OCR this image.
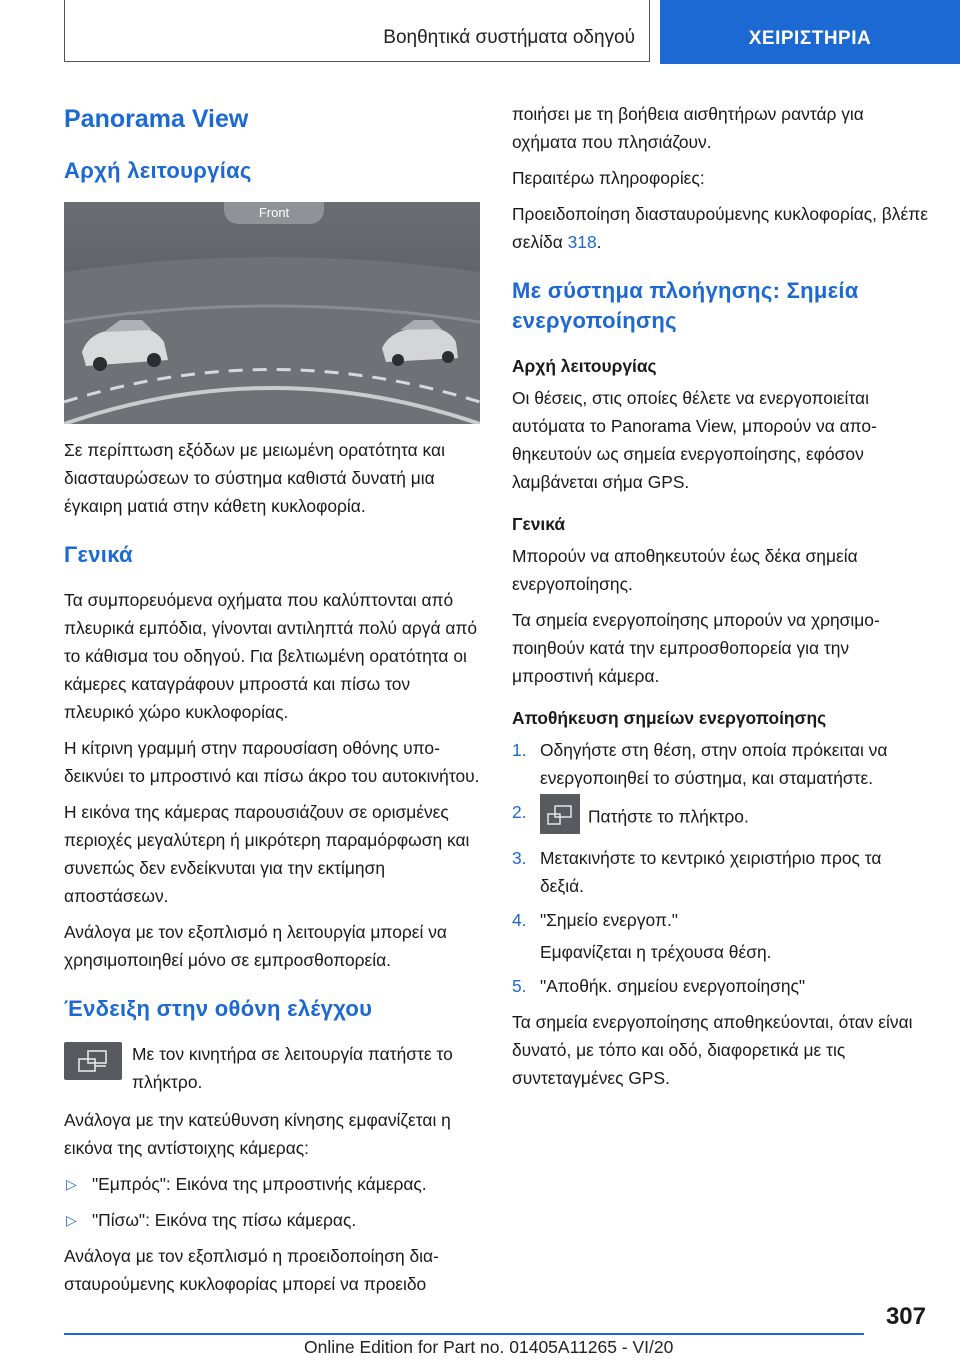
Βοηθητικά συστήματα οδηγού	ΧΕΙΡΙΣΤΗΡΙΑ
Panorama View
Αρχή λειτουργίας
Front

Σε περίπτωση εξόδων με μειωμένη ορατότητα και διασταυρώσεων το σύστημα καθιστά δυνατή μια έγκαιρη ματιά στην κάθετη κυκλοφορία.

Γενικά

Τα συμπορευόμενα οχήματα που καλύπτονται από πλευρικά εμπόδια, γίνονται αντιληπτά πολύ αργά από το κάθισμα του οδηγού. Για βελτιωμένη ορατότητα οι κάμερες καταγράφουν μπροστά και πίσω τον πλευρικό χώρο κυκλοφορίας.

Η κίτρινη γραμμή στην παρουσίαση οθόνης υποδεικνύει το μπροστινό και πίσω άκρο του αυτοκινήτου.

Η εικόνα της κάμερας παρουσιάζουν σε ορισμένες περιοχές μεγαλύτερη ή μικρότερη παραμόρφωση και συνεπώς δεν ενδείκνυται για την εκτίμηση αποστάσεων.

Ανάλογα με τον εξοπλισμό η λειτουργία μπορεί να χρησιμοποιηθεί μόνο σε εμπροσθοπορεία.

Ένδειξη στην οθόνη ελέγχου

Με τον κινητήρα σε λειτουργία πατήστε το πλήκτρο.

Ανάλογα με την κατεύθυνση κίνησης εμφανίζεται η εικόνα της αντίστοιχης κάμερας:

▷ "Εμπρός": Εικόνα της μπροστινής κάμερας.
▷ "Πίσω": Εικόνα της πίσω κάμερας.

Ανάλογα με τον εξοπλισμό η προειδοποίηση διασταυρούμενης κυκλοφορίας μπορεί να προειδο

ποιήσει με τη βοήθεια αισθητήρων ραντάρ για οχήματα που πλησιάζουν.

Περαιτέρω πληροφορίες:

Προειδοποίηση διασταυρούμενης κυκλοφορίας, βλέπε σελίδα 318.

Με σύστημα πλοήγησης: Σημεία ενεργοποίησης
Αρχή λειτουργίας

Οι θέσεις, στις οποίες θέλετε να ενεργοποιείται αυτόματα το Panorama View, μπορούν να αποθηκευτούν ως σημεία ενεργοποίησης, εφόσον λαμβάνεται σήμα GPS.

Γενικά

Μπορούν να αποθηκευτούν έως δέκα σημεία ενεργοποίησης.

Τα σημεία ενεργοποίησης μπορούν να χρησιμοποιηθούν κατά την εμπροσθοπορεία για την μπροστινή κάμερα.

Αποθήκευση σημείων ενεργοποίησης
1. Οδηγήστε στη θέση, στην οποία πρόκειται να ενεργοποιηθεί το σύστημα, και σταματήστε.
2.	Πατήστε το πλήκτρο.
3. Μετακινήστε το κεντρικό χειριστήριο προς τα δεξιά.
4. "Σημείο ενεργοπ."

Εμφανίζεται η τρέχουσα θέση.

5. "Αποθήκ. σημείου ενεργοποίησης"

Τα σημεία ενεργοποίησης αποθηκεύονται, όταν είναι δυνατό, με τόπο και οδό, διαφορετικά με τις συντεταγμένες GPS.

307
Online Edition for Part no. 01405A11265 - VI/20
